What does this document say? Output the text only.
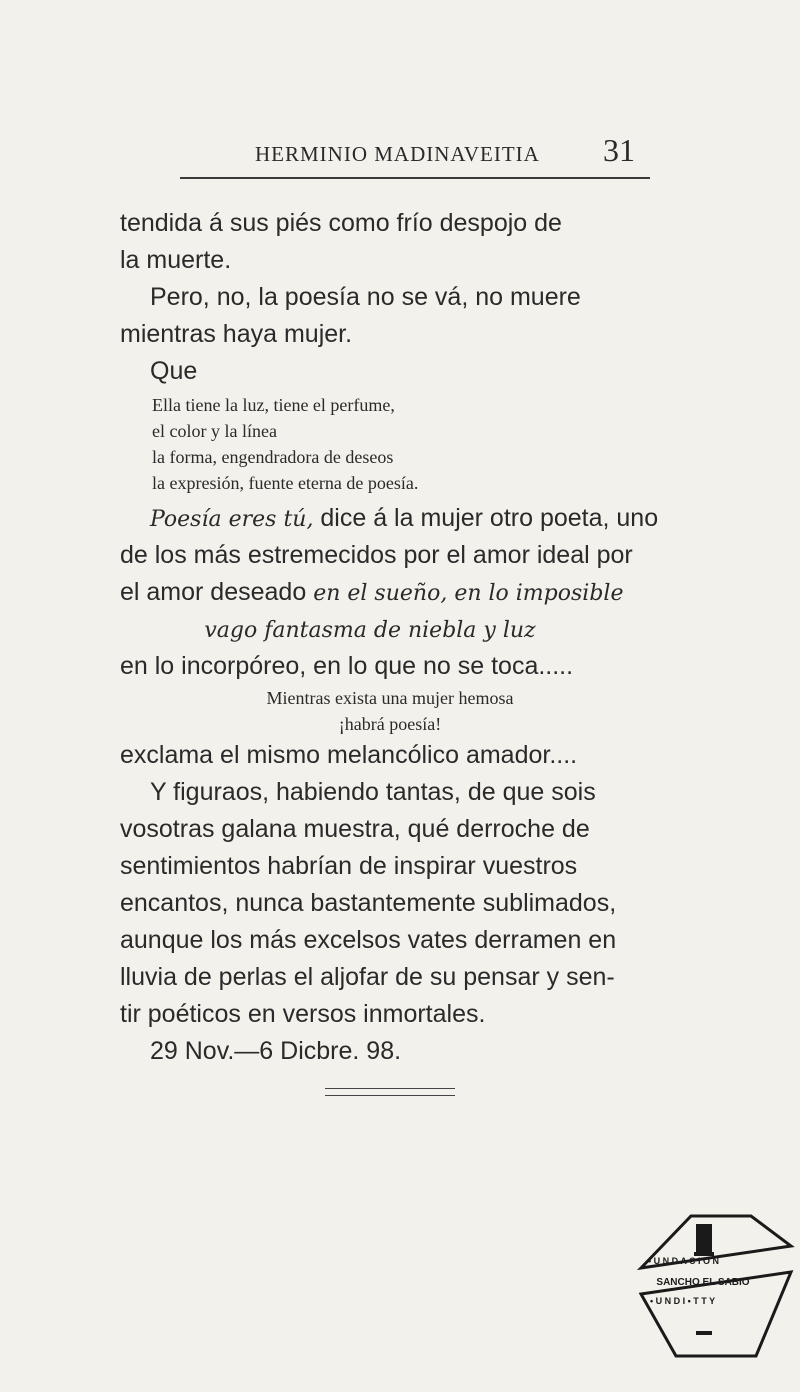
HERMINIO MADINAVEITIA 31
tendida á sus piés como frío despojo de
la muerte.
Pero, no, la poesía no se vá, no muere
mientras haya mujer.
Que
Ella tiene la luz, tiene el perfume,
el color y la línea
la forma, engendradora de deseos
la expresión, fuente eterna de poesía.
Poesía eres tú, dice á la mujer otro poeta, uno
de los más estremecidos por el amor ideal por
el amor deseado en el sueño, en lo imposible
vago fantasma de niebla y luz
en lo incorpóreo, en lo que no se toca.....
Mientras exista una mujer hemosa
¡habrá poesía!
exclama el mismo melancólico amador....
Y figuraos, habiendo tantas, de que sois
vosotras galana muestra, qué derroche de
sentimientos habrían de inspirar vuestros
encantos, nunca bastantemente sublimados,
aunque los más excelsos vates derramen en
lluvia de perlas el aljofar de su pensar y sen-
tir poéticos en versos inmortales.
29 Nov.—6 Dicbre. 98.
• U N D A C I O N
• U N D I • T T Y
SANCHO EL SABIO
